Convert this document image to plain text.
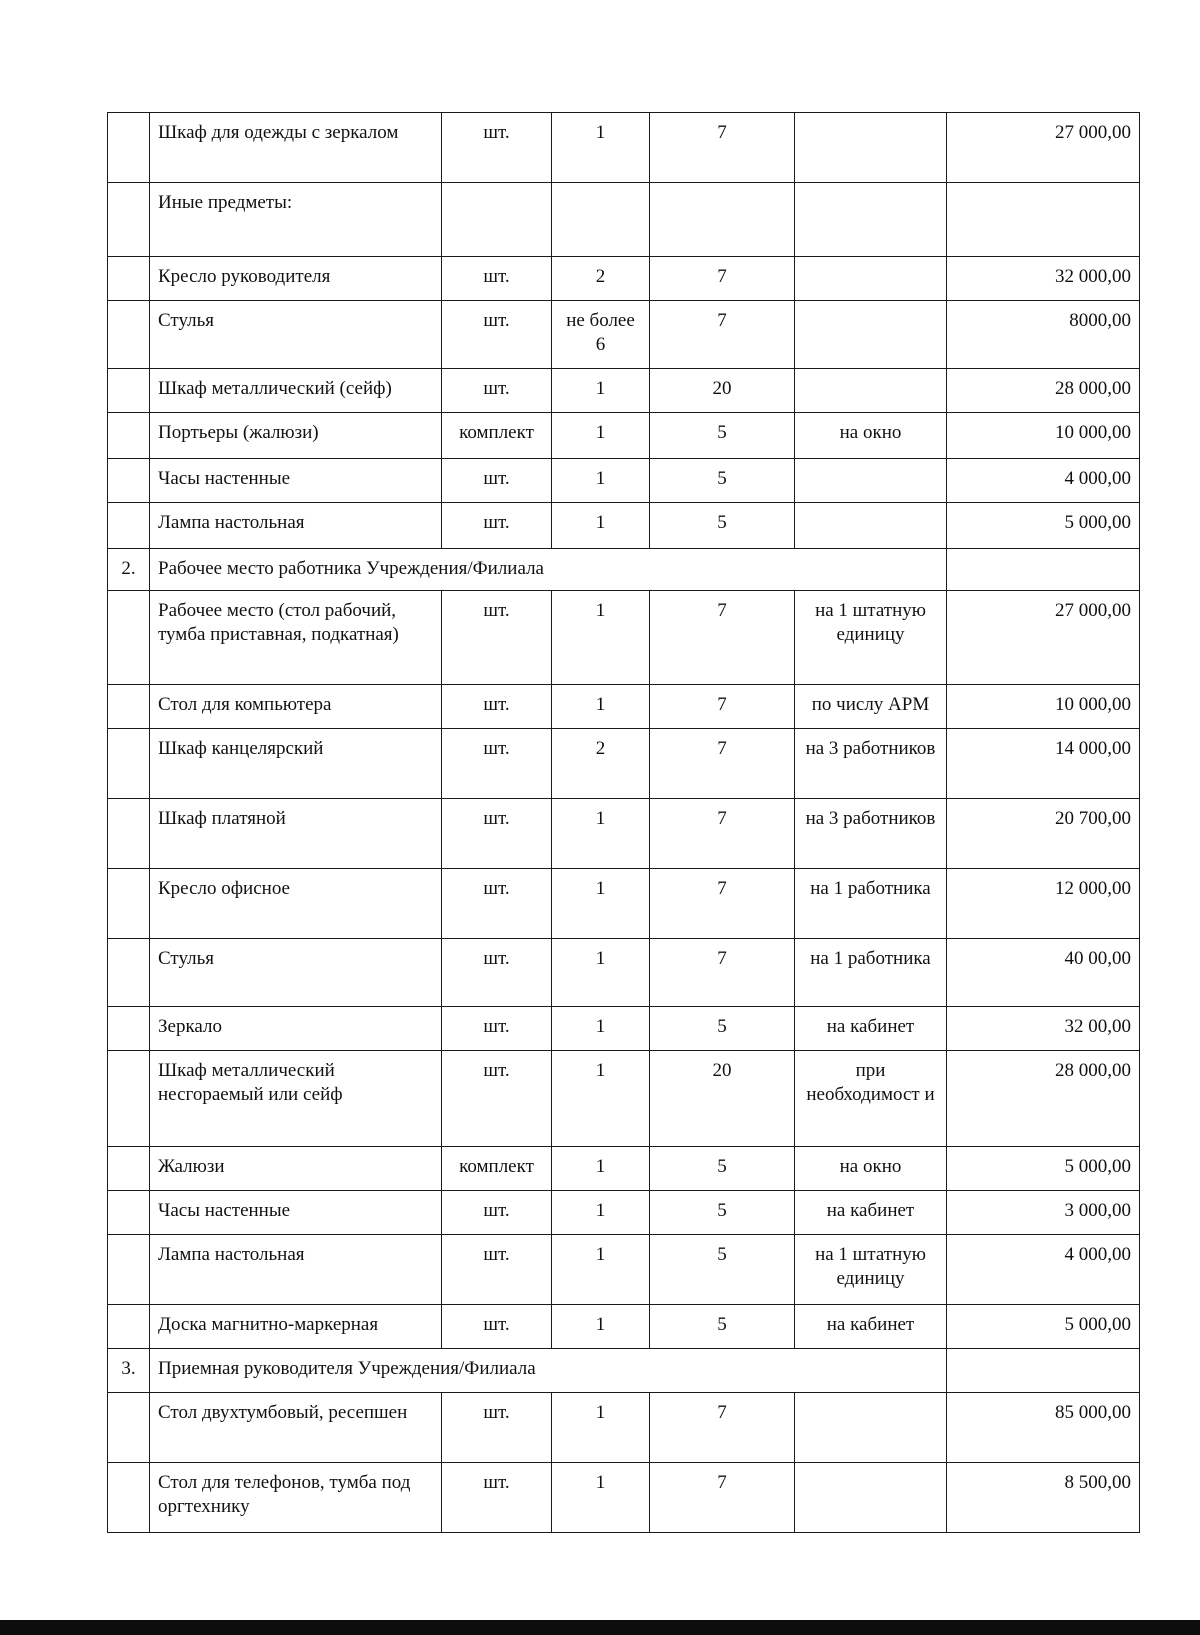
	Шкаф для одежды с зеркалом	шт.	1	7		27 000,00
	Иные предметы:					
	Кресло руководителя	шт.	2	7		32 000,00
	Стулья	шт.	не более 6	7		8000,00
	Шкаф металлический (сейф)	шт.	1	20		28 000,00
	Портьеры (жалюзи)	комплект	1	5	на окно	10 000,00
	Часы настенные	шт.	1	5		4 000,00
	Лампа настольная	шт.	1	5		5 000,00
2.	Рабочее место работника Учреждения/Филиала					
	Рабочее место (стол рабочий, тумба приставная, подкатная)	шт.	1	7	на 1 штатную единицу	27 000,00
	Стол для компьютера	шт.	1	7	по числу АРМ	10 000,00
	Шкаф канцелярский	шт.	2	7	на 3 работников	14 000,00
	Шкаф платяной	шт.	1	7	на 3 работников	20 700,00
	Кресло офисное	шт.	1	7	на 1 работника	12 000,00
	Стулья	шт.	1	7	на 1 работника	40 00,00
	Зеркало	шт.	1	5	на кабинет	32 00,00
	Шкаф металлический несгораемый или сейф	шт.	1	20	при необходимост и	28 000,00
	Жалюзи	комплект	1	5	на окно	5 000,00
	Часы настенные	шт.	1	5	на кабинет	3 000,00
	Лампа настольная	шт.	1	5	на 1 штатную единицу	4 000,00
	Доска магнитно-маркерная	шт.	1	5	на кабинет	5 000,00
3.	Приемная руководителя Учреждения/Филиала					
	Стол двухтумбовый, ресепшен	шт.	1	7		85 000,00
	Стол для телефонов, тумба под оргтехнику	шт.	1	7		8 500,00
